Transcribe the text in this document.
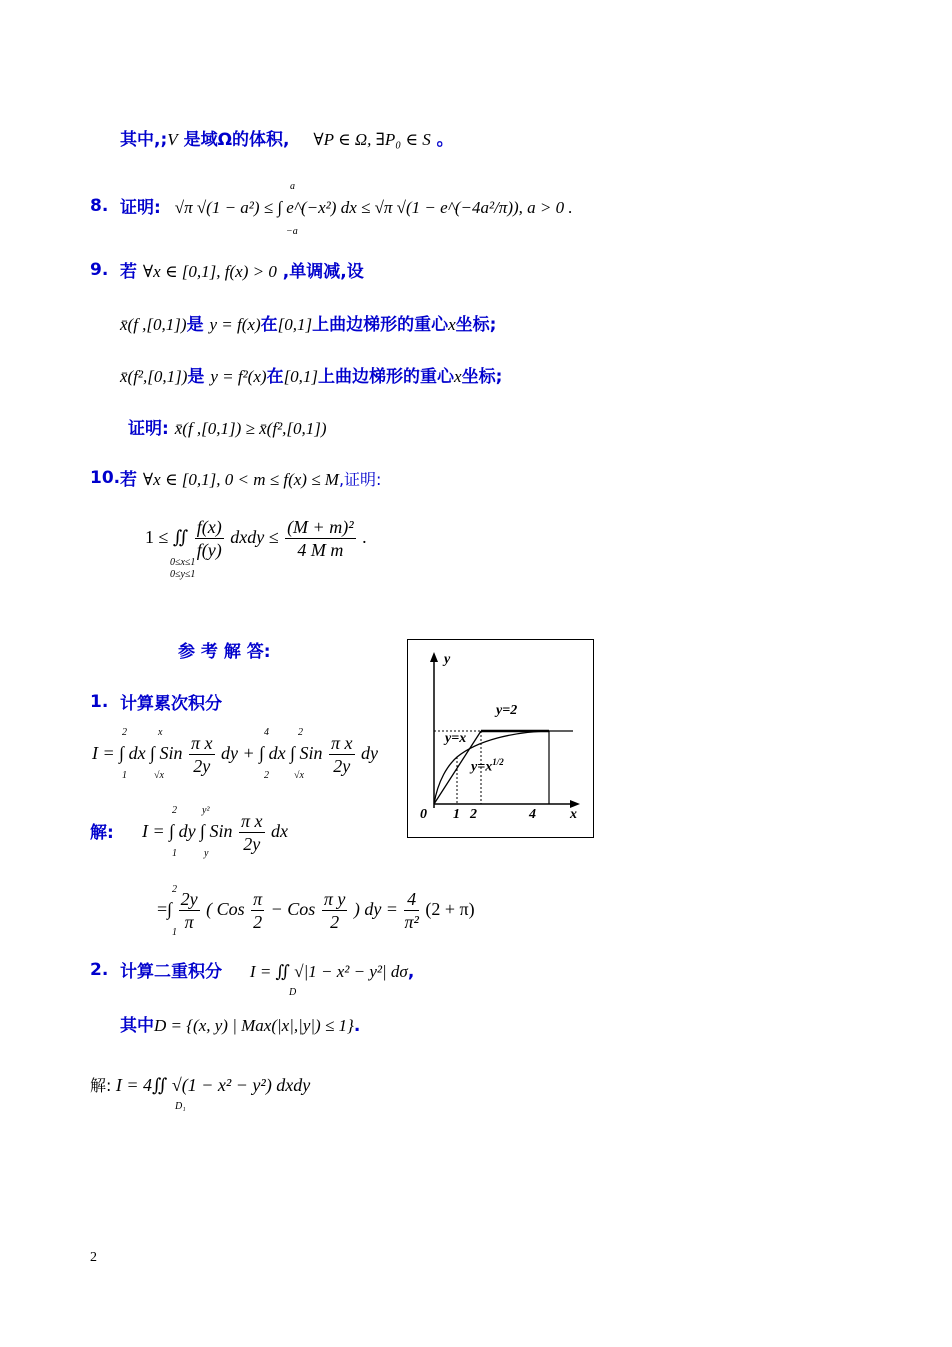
其中,;V 是域Ω的体积, ∀P ∈ Ω, ∃P₀ ∈ S 。
8. 证明: √π √(1 − a²) ≤ ∫ e^(−x²) dx ≤ √π √(1 − e^(−4a²/π)), a > 0 .
a
−a
9. 若 ∀x ∈ [0,1], f(x) > 0 ,单调减,设
x̄(f ,[0,1])是 y = f(x)在[0,1]上曲边梯形的重心x坐标;
x̄(f²,[0,1])是 y = f²(x)在[0,1]上曲边梯形的重心x坐标;
证明: x̄(f ,[0,1]) ≥ x̄(f²,[0,1])
10. 若 ∀x ∈ [0,1], 0 < m ≤ f(x) ≤ M,证明:
1 ≤ ∬ $\frac{f(x)}{f(y)}$ dxdy ≤ $\frac{\text{(M + m)²}}{\text{4 M m}}$ .
0≤x≤1
0≤y≤1
参 考 解 答:	y
x
y=2
y=x
$y=x^{1/2}$
0 1 2	4
1. 计算累次积分
I = ∫ dx ∫ Sin $\frac{\text{π x}}{2y}$ dy + ∫ dx ∫ Sin $\frac{\text{π x}}{2y}$ dy
2
1
x
√x
4
2
2
√x
解: I = ∫ dy ∫ Sin $\frac{\text{π x}}{2y}$ dx
2
1
y²
y
=∫ $\frac{2y}{\pi}$ ( Cos $\frac{\pi}{2}$ − Cos $\frac{\text{π y}}{2}$ ) dy = $\frac{4}{\text{π²}} (2 + \pi)$
2
1
2. 计算二重积分 I = ∬ √|1 − x² − y²| dσ,
D
其中D = {(x, y) | Max(|x|,|y|) ≤ 1}.
解: I = 4∬ √(1 − x² − y²) dxdy
D₁
2
